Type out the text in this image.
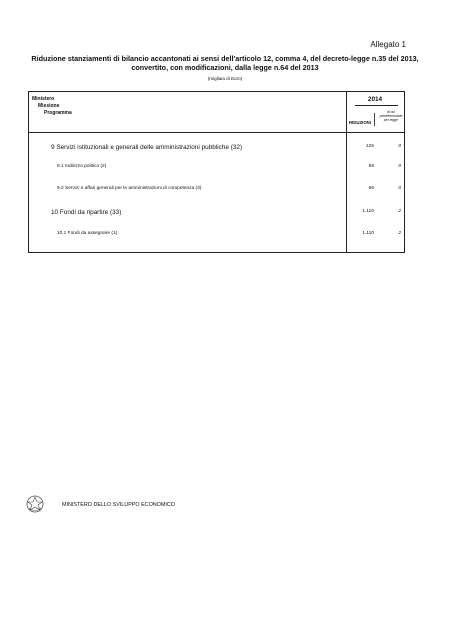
Allegato 1
Riduzione stanziamenti di bilancio accantonati ai sensi dell'articolo 12, comma 4, del decreto-legge n.35 del 2013,
convertito, con modificazioni, dalla legge n.64 del 2013
(migliaia di Euro)
Ministero
Missione
Programma
2014
RIDUZIONI
di cui predeterminate per legge
9 Servizi istituzionali e generali delle amministrazioni pubbliche (32)	125	0
9.1 Indirizzo politico (2)	59	0
9.2 Servizi e affari generali per le amministrazioni di competenza (3)	66	0
10 Fondi da ripartire (33)	1.110	2
10.1 Fondi da assegnare (1)	1.110	2
MINISTERO DELLO SVILUPPO ECONOMICO
